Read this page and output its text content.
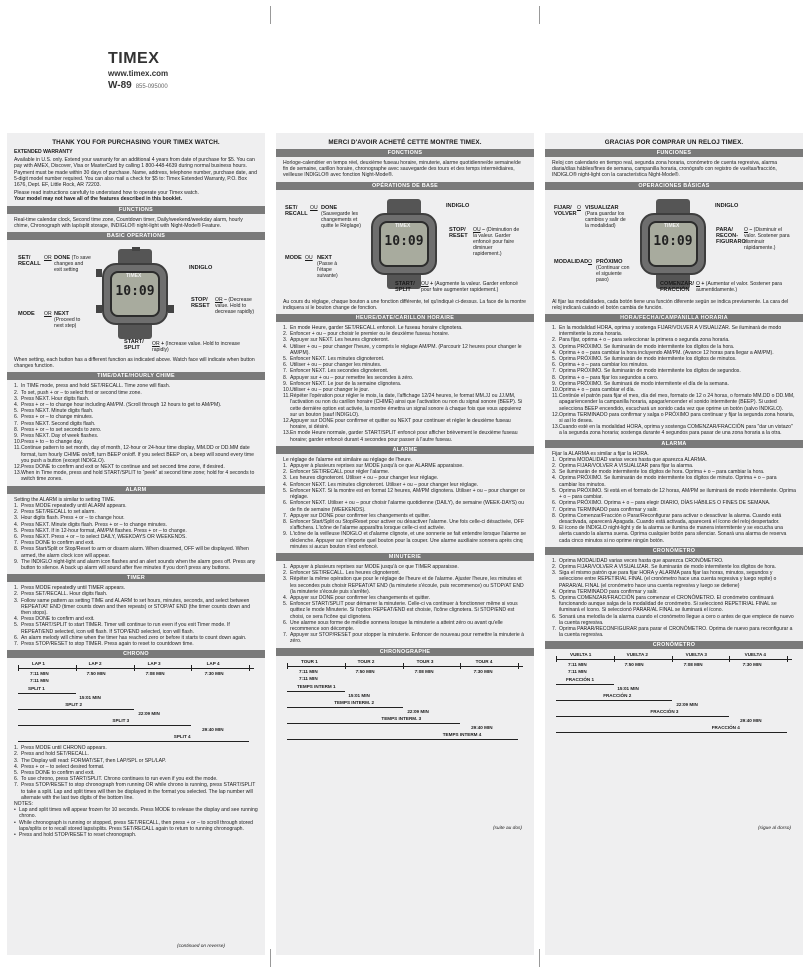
TIMEX
www.timex.com
W-89 855-095000
THANK YOU FOR PURCHASING YOUR TIMEX WATCH.

EXTENDED WARRANTY

Available in U.S. only. Extend your warranty for an additional 4 years from date of purchase for $5. You can pay with AMEX, Discover, Visa or MasterCard by calling 1 800-448-4639 during normal business hours. Payment must be made within 30 days of purchase. Name, address, telephone number, purchase date, and 5-digit model number required. You can also mail a check for $5 to: Timex Extended Warranty, P.O. Box 1676, Dept. EF, Little Rock, AR 72203.

Please read instructions carefully to understand how to operate your Timex watch.

Your model may not have all of the features described in this booklet.

FUNCTIONS

Real-time calendar clock, Second time zone, Countdown timer, Daily/weekend/weekday alarm, hourly chime, Chronograph with lap/split storage, INDIGLO® night-light with Night-Mode® Feature.

BASIC OPERATIONS
TIMEX
10:09
SET/ RECALL
OR DONE (To save changes and exit setting	INDIGLO
STOP/ RESET
OR – (Decrease value. Hold to decrease rapidly)
MODE OR NEXT
(Proceed to next step)
START/ SPLIT
OR + (Increase value. Hold to increase rapidly)

When setting, each button has a different function as indicated above. Watch face will indicate when button changes function.

TIME/DATE/HOURLY CHIME
1. In TIME mode, press and hold SET/RECALL. Time zone will flash.
2. To set, push + or – to select first or second time zone.
3. Press NEXT. Hour digits flash.
4. Press + or – to change hour including AM/PM. (Scroll through 12 hours to get to AM/PM).
5. Press NEXT. Minute digits flash.
6. Press + or – to change minutes.
7. Press NEXT. Second digits flash.
8. Press + or – to set seconds to zero.
9. Press NEXT. Day of week flashes.
10. Press + to – to change day.
11. Continue pattern to set month, day of month, 12-hour or 24-hour time display, MM.DD or DD.MM date format, turn hourly CHIME on/off, turn BEEP on/off. If you select BEEP on, a beep will sound every time you push a button (except INDIGLO).
12. Press DONE to confirm and exit or NEXT to continue and set second time zone, if desired.
13. When in Time mode, press and hold START/SPLIT to “peek” at second time zone; hold for 4 seconds to switch time zones.
ALARM

Setting the ALARM is similar to setting TIME.

1. Press MODE repeatedly until ALARM appears.
2. Press SET/RECALL to set alarm.
3. Hour digits flash. Press + or – to change hour.
4. Press NEXT. Minute digits flash. Press + or – to change minutes.
5. Press NEXT. If in 12-hour format, AM/PM flashes. Press + or – to change.
6. Press NEXT. Press + or – to select DAILY, WEEKDAYS OR WEEKENDS.
7. Press DONE to confirm and exit.
8. Press Start/Split or Stop/Reset to arm or disarm alarm. When disarmed, OFF will be displayed. When armed, the alarm clock icon will appear.
9. The INDIGLO night-light and alarm icon flashes and an alert sounds when the alarm goes off. Press any button to silence. A back up alarm will sound after five minutes if you don't press any buttons.
TIMER
1. Press MODE repeatedly until TIMER appears.
2. Press SET/RECALL. Hour digits flash.
3. Follow same pattern as setting TIME and ALARM to set hours, minutes, seconds, and select between REPEAT/AT END (timer counts down and then repeats) or STOP/AT END (the timer counts down and then stops).
4. Press DONE to confirm and exit.
5. Press START/SPLIT to start TIMER. Timer will continue to run even if you exit Timer mode. If REPEAT/END selected, icon will flash. If STOP/END selected, icon will flash.
6. An alarm melody will chime when the timer has reached zero or before it starts to count down again.
7. Press STOP/RESET to stop TIMER. Press again to reset to countdown time.
CHRONO
LAP 1	LAP 2	LAP 3	LAP 4
7:11 MIN	7:50 MIN	7:08 MIN	7:30 MIN
7:11 MIN
SPLIT 1
15:01 MIN
SPLIT 2
22:09 MIN
SPLIT 3
29:40 MIN
SPLIT 4
1. Press MODE until CHRONO appears.
2. Press and hold SET/RECALL.
3. The Display will read: FORMAT/SET, then LAP/SPL or SPL/LAP.
4. Press + or – to select desired format.
5. Press DONE to confirm and exit.
6. To use chrono, press START/SPLIT. Chrono continues to run even if you exit the mode.
7. Press STOP/RESET to stop chronograph from running OR while chrono is running, press START/SPLIT to take a split. Lap and split times will then be displayed in the format you selected. The lap number will alternate with the last two digits of the bottom line.

NOTES:

• Lap and split times will appear frozen for 10 seconds. Press MODE to release the display and see running chrono.
• While chronograph is running or stopped, press SET/RECALL, then press + or – to scroll through stored laps/splits or to recall stored laps/splits. Press SET/RECALL again to return to running chronograph.
• Press and hold STOP/RESET to reset chronograph.
(continued on reverse)
MERCI D'AVOIR ACHETÉ CETTE MONTRE TIMEX.
FONCTIONS

Horloge-calendrier en temps réel, deuxième fuseau horaire, minuterie, alarme quotidienne/de semaine/de fin de semaine, carillon horaire, chronographe avec sauvegarde des tours et des temps intermédiaires, veilleuse INDIGLO® avec fonction Night-Mode®.

OPÉRATIONS DE BASE
TIMEX
10:09
SET/ RECALL
OU DONE (Sauvegarde les changements et quitte le Réglage)
INDIGLO
STOP/ RESET
OU – (Diminution de la valeur. Garder enfoncé pour faire diminuer rapidement.)
MODE OU NEXT
(Passe à l'étape suivante)
START/ SPLIT
OU + (Augmente la valeur. Garder enfoncé pour faire augmenter rapidement.)

Au cours du réglage, chaque bouton a une fonction différente, tel qu'indiqué ci-dessus. La face de la montre indiquera si le bouton change de fonction.

HEURE/DATE/CARILLON HORAIRE
1. En mode Heure, garder SET/RECALL enfoncé. Le fuseau horaire clignotera.
2. Enfoncer + ou – pour choisir le premier ou le deuxième fuseau horaire.
3. Appuyer sur NEXT. Les heures clignoteront.
4. Utiliser + ou – pour changer l'heure, y compris le réglage AM/PM. (Parcourir 12 heures pour changer le AM/PM).
5. Enfoncer NEXT. Les minutes clignoteront.
6. Utiliser + ou – pour changer les minutes.
7. Enfoncer NEXT. Les secondes clignoteront.
8. Appuyer sur + ou – pour remettre les secondes à zéro.
9. Enfoncer NEXT. Le jour de la semaine clignotera.
10. Utiliser + ou – pour changer le jour.
11. Répéter l'opération pour régler le mois, la date, l'affichage 12/24 heures, le format MM.JJ ou JJ.MM, l'activation ou non du carillon horaire (CHIME) ainsi que l'activation ou non du signal sonore (BEEP). Si cette dernière option est activée, la montre émettra un signal sonore à chaque fois que vous appuierez sur un bouton (sauf INDIGLO).
12. Appuyer sur DONE pour confirmer et quitter ou NEXT pour continuer et régler le deuxième fuseau horaire, si désiré.
13. En mode Heure normale, garder START/SPLIT enfoncé pour afficher brièvement le deuxième fuseau horaire; garder enfoncé durant 4 secondes pour passer à l'autre fuseau.
ALARME

Le réglage de l'alarme est similaire au réglage de l'heure.

1. Appuyer à plusieurs reprises sur MODE jusqu'à ce que ALARME apparaisse.
2. Enfoncer SET/RECALL pour régler l'alarme.
3. Les heures clignoteront. Utiliser + ou – pour changer leur réglage.
4. Enfoncer NEXT. Les minutes clignoteront. Utiliser + ou – pour changer leur réglage.
5. Enfoncer NEXT. Si la montre est en format 12 heures, AM/PM clignotera. Utiliser + ou – pour changer ce réglage.
6. Enfoncer NEXT. Utiliser + ou – pour choisir l'alarme quotidienne (DAILY), de semaine (WEEK-DAYS) ou de fin de semaine (WEEKENDS).
7. Appuyer sur DONE pour confirmer les changements et quitter.
8. Enfoncer Start/Split ou Stop/Reset pour activer ou désactiver l'alarme. Une fois celle-ci désactivée, OFF s'affichera. L'icône de l'alarme apparaîtra lorsque celle-ci est activée.
9. L'icône de la veilleuse INDIGLO et d'alarme clignote, et une sonnerie se fait entendre lorsque l'alarme se déclenche. Appuyer sur n'importe quel bouton pour la couper. Une alarme auxiliaire sonnera après cinq minutes si aucun bouton n'est enfoncé.
MINUTERIE
1. Appuyer à plusieurs reprises sur MODE jusqu'à ce que TIMER apparaisse.
2. Enfoncer SET/RECALL. Les heures clignoteront.
3. Répéter la même opération que pour le réglage de l'heure et de l'alarme. Ajuster l'heure, les minutes et les secondes puis choisir REPEAT/AT END (la minuterie s'écoule, puis recommence) ou STOP/AT END (la minuterie s'écoule puis s'arrête).
4. Appuyer sur DONE pour confirmer les changements et quitter.
5. Enfoncer START/SPLIT pour démarrer la minuterie. Celle-ci va continuer à fonctionner même si vous quittez le mode Minuterie. Si l'option REPEAT/END est choisie, l'icône clignotera. Si STOP/END est choisi, ce sera l'icône qui clignotera.
6. Une alarme sous forme de mélodie sonnera lorsque la minuterie a atteint zéro ou avant qu'elle recommence son décompte.
7. Appuyer sur STOP/RESET pour stopper la minuterie. Enfoncer de nouveau pour remettre la minuterie à zéro.
CHRONOGRAPHE
TOUR 1	TOUR 2	TOUR 3	TOUR 4
7:11 MIN	7:50 MIN	7:08 MIN	7:30 MIN
7:11 MIN
TEMPS INTERM 1
15:01 MIN
TEMPS INTERM. 2
22:09 MIN
TEMPS INTERM. 3
29:40 MIN
TEMPS INTERM 4
(suite au dos)
GRACIAS POR COMPRAR UN RELOJ TIMEX.
FUNCIONES

Reloj con calendario en tiempo real, segunda zona horaria, cronómetro de cuenta regresiva, alarma diaria/días hábiles/fines de semana, campanilla horaria, cronógrafo con registro de vueltas/fracción, INDIGLO® night-light con la característica Night-Mode®.

OPERACIONES BÁSICAS
TIMEX
10:09
FIJAR/ VOLVER
O VISUALIZAR (Para guardar los cambios y salir de la modalidad)
INDIGLO
PARA/ RECON- FIGURARO
O – (Disminuir el valor. Sostener para disminuir rápidamente.)
MODALIDAD O PRÓXIMO
(Continuar con el siguiente paso)
COMENZAR/ FRACCIÓN
O + (Aumentar el valor. Sostener para aumentidamente.)

Al fijar las modalidades, cada botón tiene una función diferente según se indica previamente. La cara del reloj indicará cuándo el botón cambia de función.

HORA/FECHA/CAMPANILLA HORARIA
1. En la modalidad HORA, oprima y sostenga FIJAR/VOLVER A VISUALIZAR. Se iluminará de modo intermitente la zona horaria.
2. Para fijar, oprima + o – para seleccionar la primera o segunda zona horaria.
3. Oprima PRÓXIMO. Se iluminarán de modo intermitente los dígitos de la hora.
4. Oprima + o – para cambiar la hora incluyendo AM/PM. (Avance 12 horas para llegar a AM/PM).
5. Oprima PRÓXIMO. Se iluminarán de modo intermitente los dígitos de minutos.
6. Oprima + o – para cambiar los minutos.
7. Oprima PRÓXIMO. Se iluminarán de modo intermitente los dígitos de segundos.
8. Oprima + o – para fijar los segundos a cero.
9. Oprima PRÓXIMO. Se iluminará de modo intermitente el día de la semana.
10. Oprima + o – para cambiar el día.
11. Continúe el patrón para fijar el mes, día del mes, formato de 12 o 24 horas, o formato MM.DD o DD.MM, apagar/encender la campanilla horaria, apagar/encender el sonido intermitente (BEEP). Si usted selecciona BEEP encendido, escuchará un sonido cada vez que oprime un botón (salvo INDIGLO).
12. Oprima TERMINADO para confirmar y salga o PRÓXIMO para continuar y fijar la segunda zona horaria, si así lo desea.
13. Cuando esté en la modalidad HORA, oprima y sostenga COMENZAR/FRACCIÓN para "dar un vistazo" a la segunda zona horaria; sostenga durante 4 segundos para pasar de una zona horaria a la otra.
ALARMA

Fijar la ALARMA es similar a fijar la HORA.

1. Oprima MODALIDAD varias veces hasta que aparezca ALARMA.
2. Oprima FIJAR/VOLVER A VISUALIZAR para fijar la alarma.
3. Se iluminarán de modo intermitente los dígitos de hora. Oprima + o – para cambiar la hora.
4. Oprima PRÓXIMO. Se iluminarán de modo intermitente los dígitos de minuto. Oprima + o – para cambiar los minutos.
5. Oprima PRÓXIMO. Si está en el formato de 12 horas, AM/PM se iluminará de modo intermitente. Oprima + o – para cambiar.
6. Oprima PRÓXIMO. Oprima + o – para elegir DIARIO, DÍAS HÁBILES O FINES DE SEMANA.
7. Oprima TERMINADO para confirmar y salir.
8. Oprima Comenzar/Fracción o Parar/Reconfigurar para activar o desactivar la alarma. Cuando está desactivada, aparecerá Apagada. Cuando está activada, aparecerá el ícono del reloj despertador.
9. El ícono de INDIGLO night-light y de la alarma se ilumina de manera intermitente y se escucha una alerta cuando la alarma suena. Oprima cualquier botón para silenciar. Sonará una alarma de reserva cada cinco minutos si no oprime ningún botón.
CRONÓMETRO
1. Oprima MODALIDAD varias veces hasta que aparezca CRONÓMETRO.
2. Oprima FIJAR/VOLVER A VISUALIZAR. Se iluminarán de modo intermitente los dígitos de hora.
3. Siga el mismo patrón que para fijar HORA y ALARMA para fijar las horas, minutos, segundos y seleccione entre REPETIR/AL FINAL (el cronómetro hace una cuenta regresiva y luego repite) o PARAR/AL FINAL (el cronómetro hace una cuenta regresiva y luego se detiene)
4. Oprima TERMINADO para confirmar y salir.
5. Oprima COMENZAR/FRACCIÓN para comenzar el CRONÓMETRO. El cronómetro continuará funcionando aunque salga de la modalidad de cronómetro. Si seleccionó REPETIR/AL FINAL se iluminará el ícono. Si seleccionó PARAR/AL FINAL se iluminará el ícono.
6. Sonará una melodía de la alarma cuando el cronómetro llegue a cero o antes de que empiece de nuevo la cuenta regresiva.
7. Oprima PARAR/RECONFIGURAR para parar el CRONÓMETRO. Oprima de nuevo para reconfigurar a la cuenta regresiva.
CRONÓMETRO
VUELTA 1	VUELTA 2	VUELTA 3	VUELTA 4
7:11 MIN	7:50 MIN	7:08 MIN	7:30 MIN
7:11 MIN
FRACCIÓN 1
15:01 MIN
FRACCIÓN 2
22:09 MIN
FRACCIÓN 3
29:40 MIN
FRACCIÓN 4
(sigue al dorso)
